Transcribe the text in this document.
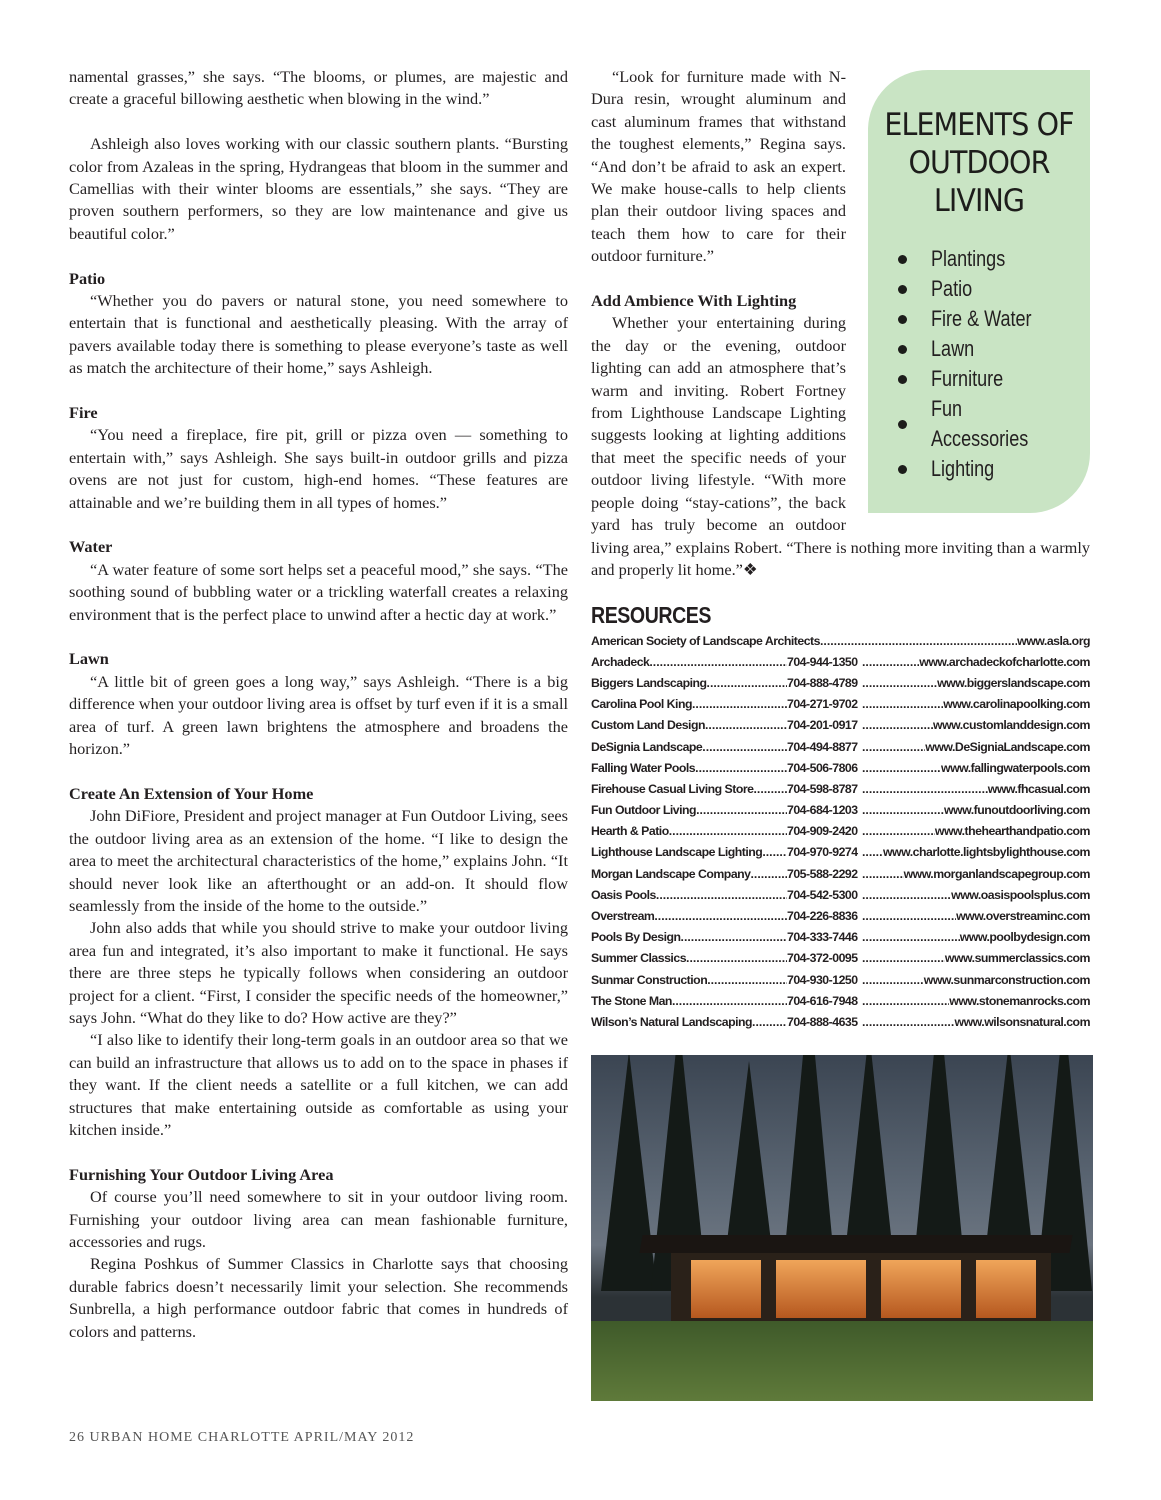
namental grasses,” she says. “The blooms, or plumes, are majestic and create a graceful billowing aesthetic when blowing in the wind.”

Ashleigh also loves working with our classic southern plants. “Bursting color from Azaleas in the spring, Hydrangeas that bloom in the summer and Camellias with their winter blooms are essentials,” she says. “They are proven southern performers, so they are low maintenance and give us beautiful color.”

Patio

“Whether you do pavers or natural stone, you need somewhere to entertain that is functional and aesthetically pleasing. With the array of pavers available today there is something to please everyone’s taste as well as match the architecture of their home,” says Ashleigh.

Fire

“You need a fireplace, fire pit, grill or pizza oven — something to entertain with,” says Ashleigh. She says built-in outdoor grills and pizza ovens are not just for custom, high-end homes. “These features are attainable and we’re building them in all types of homes.”

Water

“A water feature of some sort helps set a peaceful mood,” she says. “The soothing sound of bubbling water or a trickling waterfall creates a relaxing environment that is the perfect place to unwind after a hectic day at work.”

Lawn

“A little bit of green goes a long way,” says Ashleigh. “There is a big difference when your outdoor living area is offset by turf even if it is a small area of turf. A green lawn brightens the atmosphere and broadens the horizon.”

Create An Extension of Your Home

John DiFiore, President and project manager at Fun Outdoor Living, sees the outdoor living area as an extension of the home. “I like to design the area to meet the architectural characteristics of the home,” explains John. “It should never look like an afterthought or an add-on. It should flow seamlessly from the inside of the home to the outside.”

John also adds that while you should strive to make your outdoor living area fun and integrated, it’s also important to make it functional. He says there are three steps he typically follows when considering an outdoor project for a client. “First, I consider the specific needs of the homeowner,” says John. “What do they like to do? How active are they?”

“I also like to identify their long-term goals in an outdoor area so that we can build an infrastructure that allows us to add on to the space in phases if they want. If the client needs a satellite or a full kitchen, we can add structures that make entertaining outside as comfortable as using your kitchen inside.”

Furnishing Your Outdoor Living Area

Of course you’ll need somewhere to sit in your outdoor living room. Furnishing your outdoor living area can mean fashionable furniture, accessories and rugs.

Regina Poshkus of Summer Classics in Charlotte says that choosing durable fabrics doesn’t necessarily limit your selection. She recommends Sunbrella, a high performance outdoor fabric that comes in hundreds of colors and patterns.

ELEMENTS OF OUTDOOR LIVING
Plantings
Patio
Fire & Water
Lawn
Furniture
Fun Accessories
Lighting

“Look for furniture made with N-Dura resin, wrought aluminum and cast aluminum frames that withstand the toughest elements,” Regina says. “And don’t be afraid to ask an expert. We make house-calls to help clients plan their outdoor living spaces and teach them how to care for their outdoor furniture.”

Add Ambience With Lighting

Whether your entertaining during the day or the evening, outdoor lighting can add an atmosphere that’s warm and inviting. Robert Fortney from Lighthouse Landscape Lighting suggests looking at lighting additions that meet the specific needs of your outdoor living lifestyle. “With more people doing “stay-cations”, the back yard has truly become an outdoor living area,” explains Robert. “There is nothing more inviting than a warmly and properly lit home.”❖

RESOURCES
American Society of Landscape Architects .....	www.asla.org
Archadeck .....	704-944-1350 .....	www.archadeckofcharlotte.com
Biggers Landscaping .....	704-888-4789 .....	www.biggerslandscape.com
Carolina Pool King .....	704-271-9702 .....	www.carolinapoolking.com
Custom Land Design .....	704-201-0917 .....	www.customlanddesign.com
DeSignia Landscape .....	704-494-8877 .....	www.DeSigniaLandscape.com
Falling Water Pools .....	704-506-7806 .....	www.fallingwaterpools.com
Firehouse Casual Living Store .....	704-598-8787 .....	www.fhcasual.com
Fun Outdoor Living .....	704-684-1203 .....	www.funoutdoorliving.com
Hearth & Patio .....	704-909-2420 .....	www.thehearthandpatio.com
Lighthouse Landscape Lighting ..... 704-970-9274 .....	www.charlotte.lightsbylighthouse.com
Morgan Landscape Company .....	705-588-2292 .....	www.morganlandscapegroup.com
Oasis Pools .....	704-542-5300 .....	www.oasispoolsplus.com
Overstream .....	704-226-8836 .....	www.overstreaminc.com
Pools By Design .....	704-333-7446 .....	www.poolbydesign.com
Summer Classics .....	704-372-0095 .....	www.summerclassics.com
Sunmar Construction .....	704-930-1250 .....	www.sunmarconstruction.com
The Stone Man .....	704-616-7948 .....	www.stonemanrocks.com
Wilson’s Natural Landscaping .....	704-888-4635 .....	www.wilsonsnatural.com
26 URBAN HOME CHARLOTTE APRIL/MAY 2012
